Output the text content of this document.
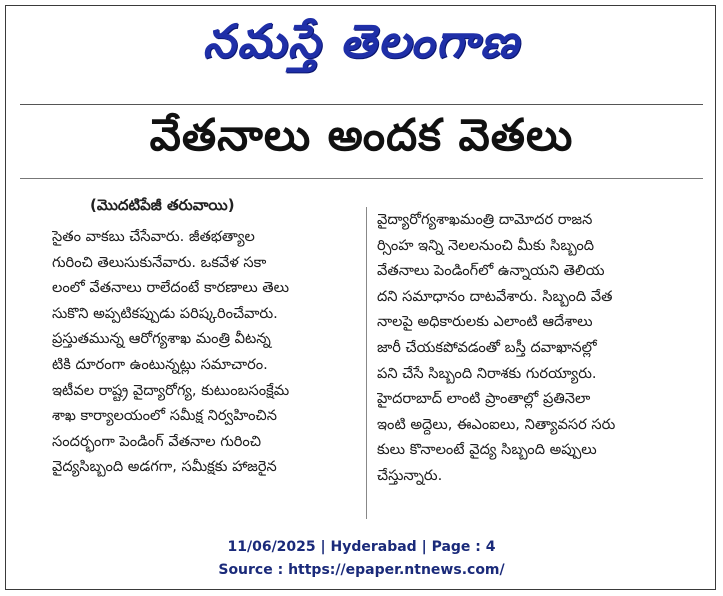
నమస్తే తెలంగాణ
వేతనాలు అందక వెతలు
(మొదటిపేజీ తరువాయి)
సైతం వాకబు చేసేవారు. జీతభత్యాల
గురించి తెలుసుకునేవారు. ఒకవేళ సకా
లంలో వేతనాలు రాలేదంటే కారణాలు తెలు
సుకొని అప్పటికప్పుడు పరిష్కరించేవారు.
ప్రస్తుతమున్న ఆరోగ్యశాఖ మంత్రి వీటన్న
టికి దూరంగా ఉంటున్నట్లు సమాచారం.
ఇటీవల రాష్ట్ర వైద్యారోగ్య, కుటుంబసంక్షేమ
శాఖ కార్యాలయంలో సమీక్ష నిర్వహించిన
సందర్భంగా పెండింగ్ వేతనాల గురించి
వైద్యసిబ్బంది అడగగా, సమీక్షకు హాజరైన
వైద్యారోగ్యశాఖమంత్రి దామోదర రాజన
ర్సింహ ఇన్ని నెలలనుంచి మీకు సిబ్బంది
వేతనాలు పెండింగ్‌లో ఉన్నాయని తెలియ
దని సమాధానం దాటవేశారు. సిబ్బంది వేత
నాలపై అధికారులకు ఎలాంటి ఆదేశాలు
జారీ చేయకపోవడంతో బస్తీ దవాఖానల్లో
పని చేసే సిబ్బంది నిరాశకు గురయ్యారు.
హైదరాబాద్ లాంటి ప్రాంతాల్లో ప్రతినెలా
ఇంటి అద్దెలు, ఈఎంఐలు, నిత్యావసర సరు
కులు కొనాలంటే వైద్య సిబ్బంది అప్పులు
చేస్తున్నారు.
11/06/2025 | Hyderabad | Page : 4
Source : https://epaper.ntnews.com/
